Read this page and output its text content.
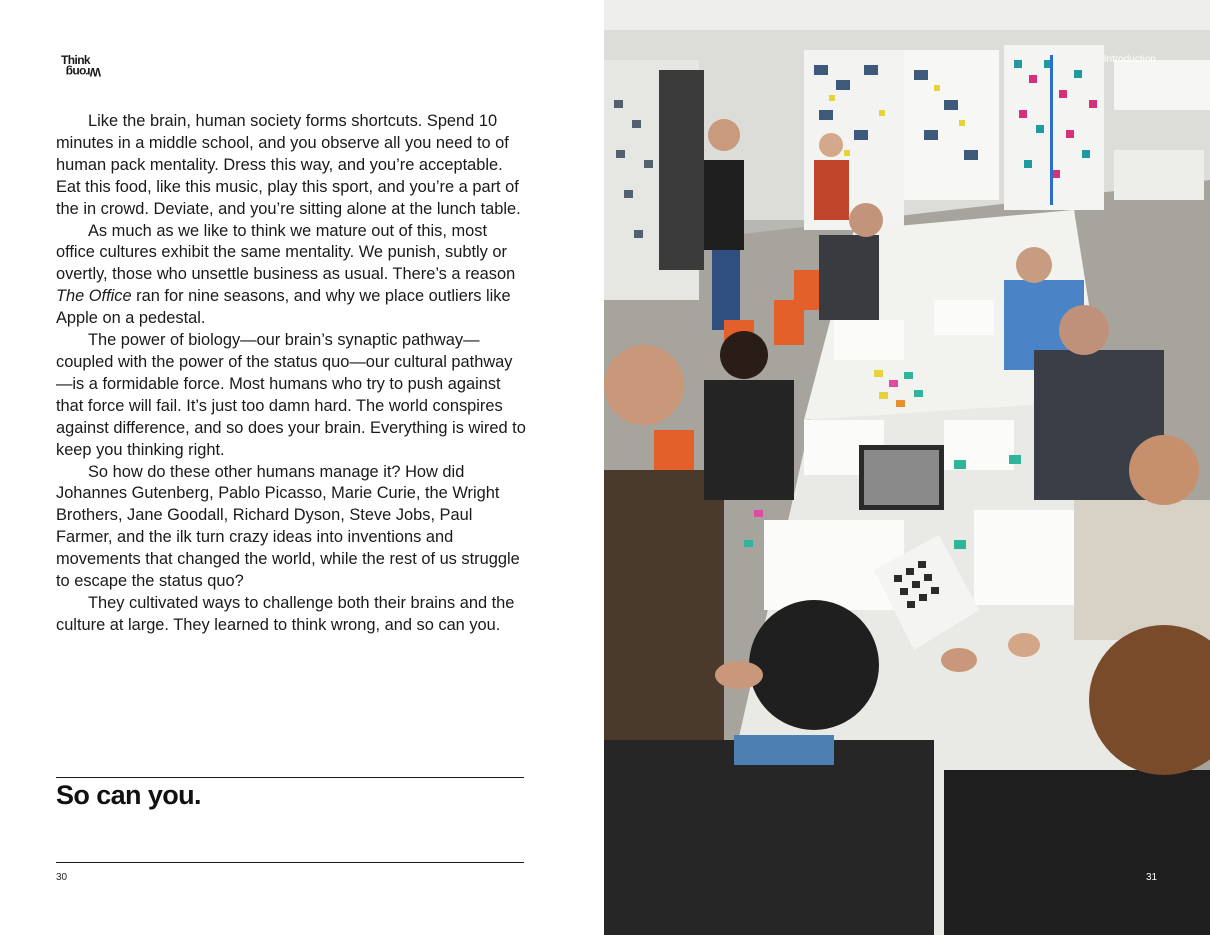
Think
Wrong

Like the brain, human society forms shortcuts. Spend 10 minutes in a middle school, and you observe all you need to of human pack mentality. Dress this way, and you’re acceptable. Eat this food, like this music, play this sport, and you’re a part of the in crowd. Deviate, and you’re sitting alone at the lunch table.

As much as we like to think we mature out of this, most office cultures exhibit the same mentality. We punish, subtly or overtly, those who unsettle business as usual. There’s a reason The Office ran for nine seasons, and why we place outliers like Apple on a pedestal.

The power of biology—our brain’s synaptic pathway—coupled with the power of the status quo—our cultural pathway—is a formidable force. Most humans who try to push against that force will fail. It’s just too damn hard. The world conspires against difference, and so does your brain. Everything is wired to keep you thinking right.

So how do these other humans manage it? How did Johannes Gutenberg, Pablo Picasso, Marie Curie, the Wright Brothers, Jane Goodall, Richard Dyson, Steve Jobs, Paul Farmer, and the ilk turn crazy ideas into inventions and movements that changed the world, while the rest of us struggle to escape the status quo?

They cultivated ways to challenge both their brains and the culture at large. They learned to think wrong, and so can you.

So can you.
30
Introduction
31
